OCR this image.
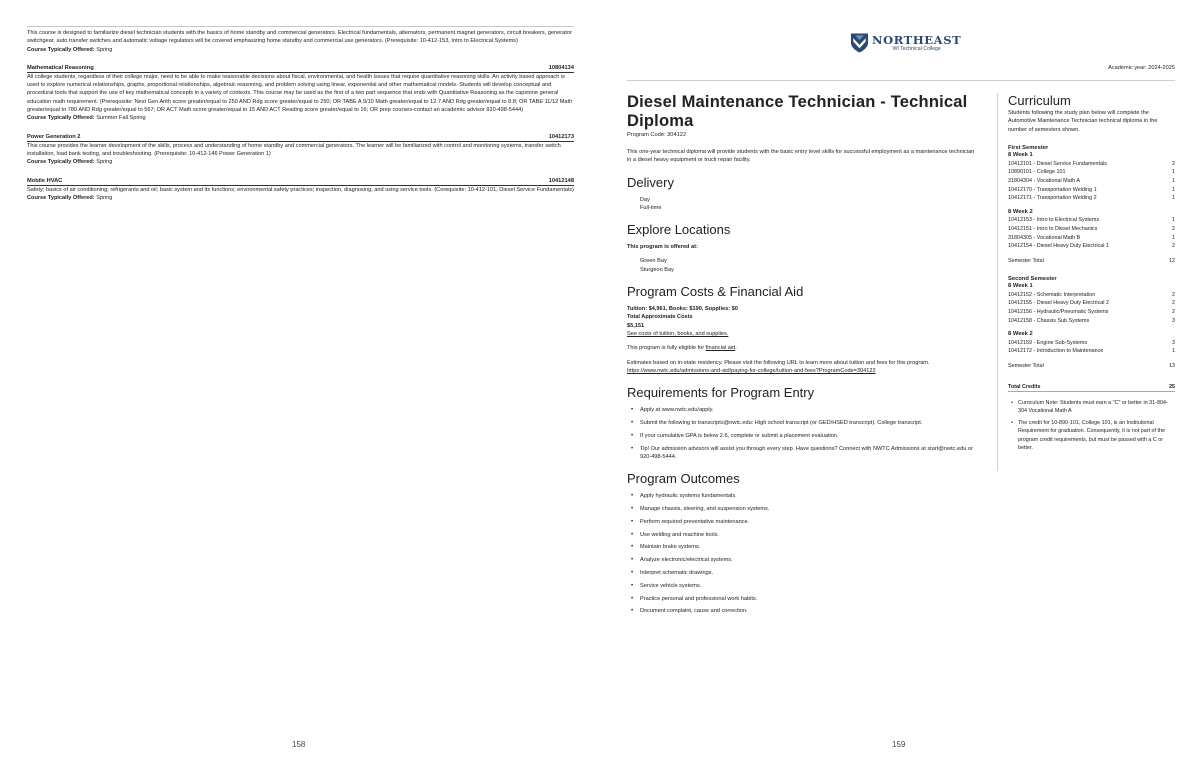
This course is designed to familiarize diesel technician students with the basics of home standby and commercial generators. Electrical fundamentals, alternators, permanent magnet generators, circuit breakers, generator switchgear, auto transfer switches and automatic voltage regulators will be covered emphasizing home standby and commercial use generators. (Prerequisite: 10-412-153, Intro to Electrical Systems)
Course Typically Offered: Spring
Mathematical Reasoning	10804134
All college students, regardless of their college major, need to be able to make reasonable decisions about fiscal, environmental, and health issues that require quantitative reasoning skills. An activity based approach is used to explore numerical relationships, graphs, proportional relationships, algebraic reasoning, and problem solving using linear, exponential and other mathematical models. Students will develop conceptual and procedural tools that support the use of key mathematical concepts in a variety of contexts. This course may be used as the first of a two part sequence that ends with Quantitative Reasoning as the capstone general education math requirement. (Prerequisite: Next Gen Arith score greater/equal to 250 AND Rdg score greater/equal to 250; OR TABE A 9/10 Math greater/equal to 12.7 AND Rdg greater/equal to 8.8; OR TABE 11/12 Math greater/equal to 780 AND Rdg greater/equal to 567; OR ACT Math score greater/equal to 15 AND ACT Reading score greater/equal to 16; OR prep courses-contact an academic advisor 920-498-5444)
Course Typically Offered: Summer Fall Spring
Power Generation 2	10412173
This course provides the learner development of the skills, process and understanding of home standby and commercial generators. The learner will be familiarized with control and monitoring systems, transfer switch installation, load bank testing, and troubleshooting. (Prerequisite: 10-412-146 Power Generation 1)
Course Typically Offered: Spring
Mobile HVAC	10412148
Safety; basics of air conditioning; refrigerants and oil; basic system and its functions; environmental safety practices; inspection, diagnosing, and using service tools. (Corequisite: 10-412-101, Diesel Service Fundamentals)
Course Typically Offered: Spring
158
NORTHEAST
WI Technical College
Academic year: 2024-2025
Diesel Maintenance Technician - Technical Diploma
Program Code: 304122
This one-year technical diploma will provide students with the basic entry level skills for successful employment as a maintenance technician in a diesel heavy equipment or truck repair facility.
Delivery
Day
Full-time
Explore Locations
This program is offered at:
Green Bay
Sturgeon Bay
Program Costs & Financial Aid
Tuition: $4,961, Books: $190, Supplies: $0
Total Approximate Costs
$5,151
See costs of tuition, books, and supplies.
This program is fully eligible for financial aid.
Estimates based on in-state residency. Please visit the following URL to learn more about tuition and fees for this program.
https://www.nwtc.edu/admissions-and-aid/paying-for-college/tuition-and-fees?ProgramCode=304122
Requirements for Program Entry
• Apply at www.nwtc.edu/apply.
• Submit the following to transcripts@nwtc.edu: High school transcript (or GED/HSED transcript). College transcript.
• If your cumulative GPA is below 2.6, complete or submit a placement evaluation.
• Tip! Our admission advisors will assist you through every step. Have questions? Connect with NWTC Admissions at start@nwtc.edu or 920-498-5444.
Program Outcomes
• Apply hydraulic systems fundamentals.
• Manage chassis, steering, and suspension systems.
• Perform required preventative maintenance.
• Use welding and machine tools.
• Maintain brake systems.
• Analyze electronic/electrical systems.
• Interpret schematic drawings.
• Service vehicle systems.
• Practice personal and professional work habits.
• Document complaint, cause and correction.
Curriculum
Students following the study plan below will complete the Automotive Maintenance Technician technical diploma in the number of semesters shown.
First Semester
8 Week 1
10412101 - Diesel Service Fundamentals	2
10890101 - College 101	1
31804304 - Vocational Math A	1
10412170 - Transportation Welding 1	1
10412171 - Transportation Welding 2	1
8 Week 2
10412153 - Intro to Electrical Systems	1
10412151 - Intro to Diesel Mechanics	2
31804305 - Vocational Math B	1
10412154 - Diesel Heavy Duty Electrical 1	2
Semester Total	12
Second Semester
8 Week 1
10412152 - Schematic Interpretation	2
10412155 - Diesel Heavy Duty Electrical 2	2
10412156 - Hydraulic/Pneumatic Systems	2
10412158 - Chassis Sub Systems	3
8 Week 2
10412159 - Engine Sub-Systems	3
10412172 - Introduction to Maintenance	1
Semester Total	13
Total Credits	25
• Curriculum Note: Students must earn a "C" or better in 31-804-304 Vocational Math A
• The credit for 10-890-101, College 101, is an Institutional Requirement for graduation. Consequently, it is not part of the program credit requirements, but must be passed with a C or better.
159
